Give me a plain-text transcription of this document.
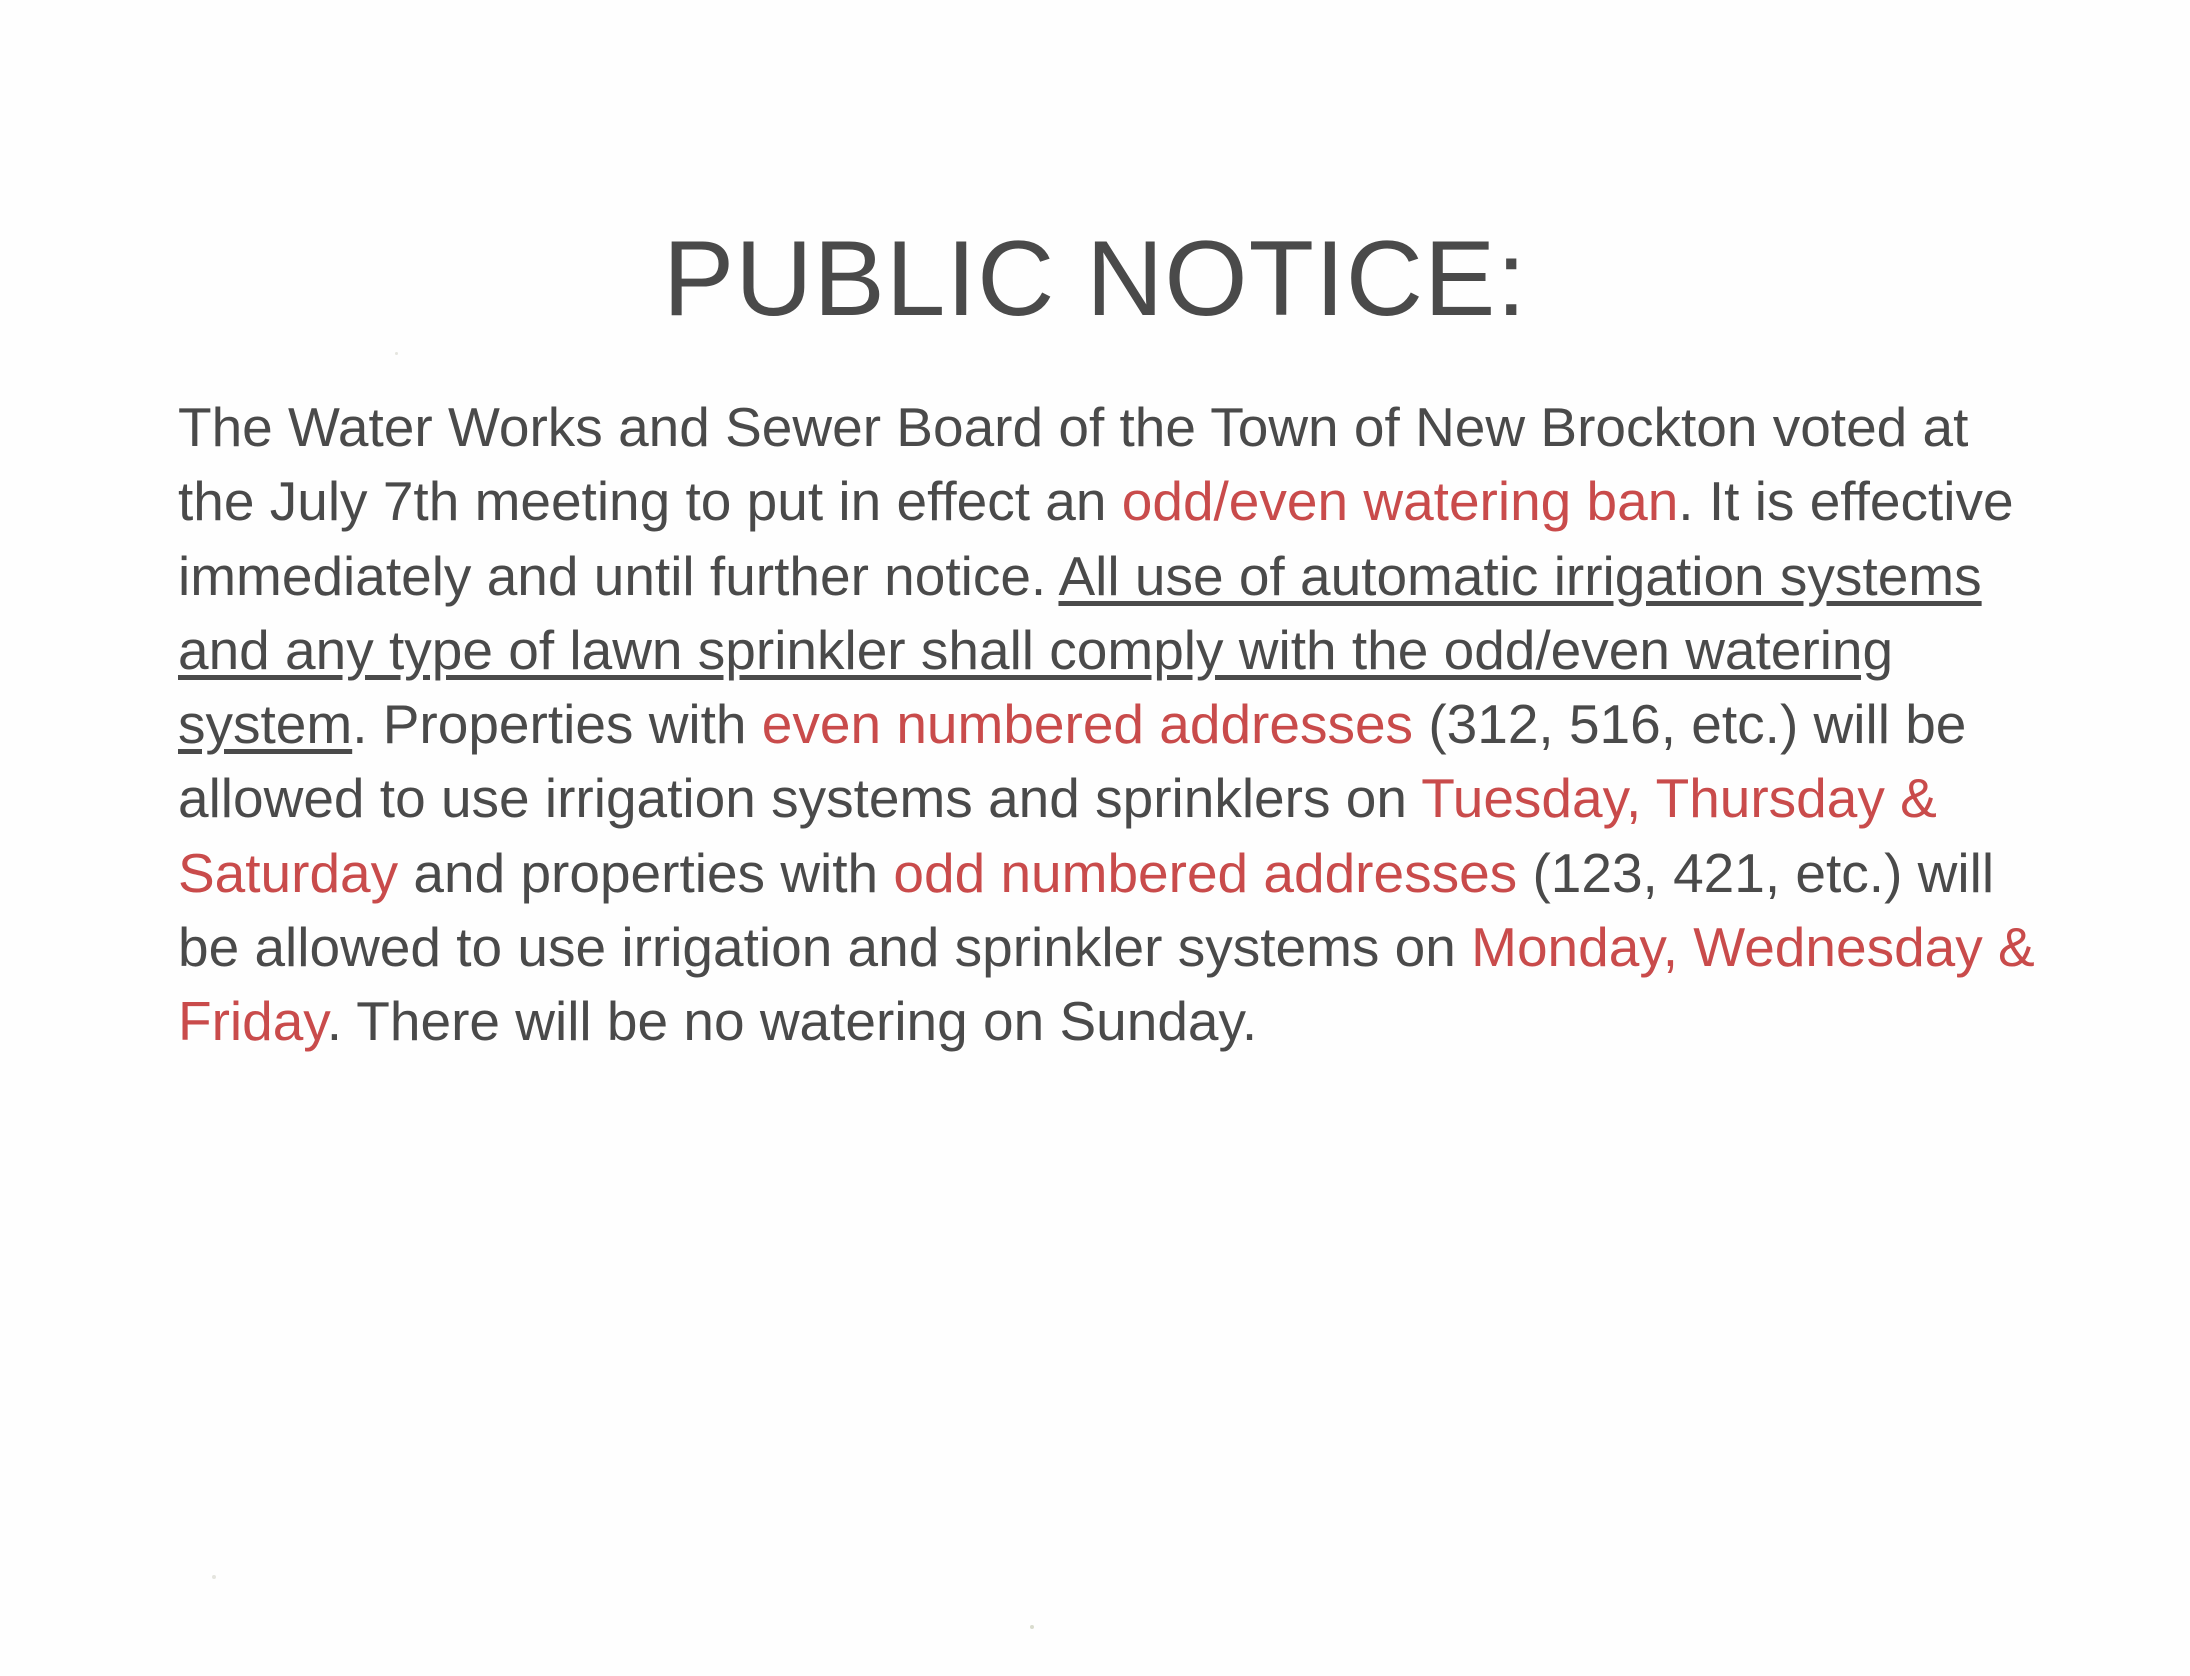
PUBLIC NOTICE:
The Water Works and Sewer Board of the Town of New Brockton voted at the July 7th meeting to put in effect an odd/even watering ban. It is effective immediately and until further notice. All use of automatic irrigation systems and any type of lawn sprinkler shall comply with the odd/even watering system. Properties with even numbered addresses (312, 516, etc.) will be allowed to use irrigation systems and sprinklers on Tuesday, Thursday & Saturday and properties with odd numbered addresses (123, 421, etc.) will be allowed to use irrigation and sprinkler systems on Monday, Wednesday & Friday. There will be no watering on Sunday.
